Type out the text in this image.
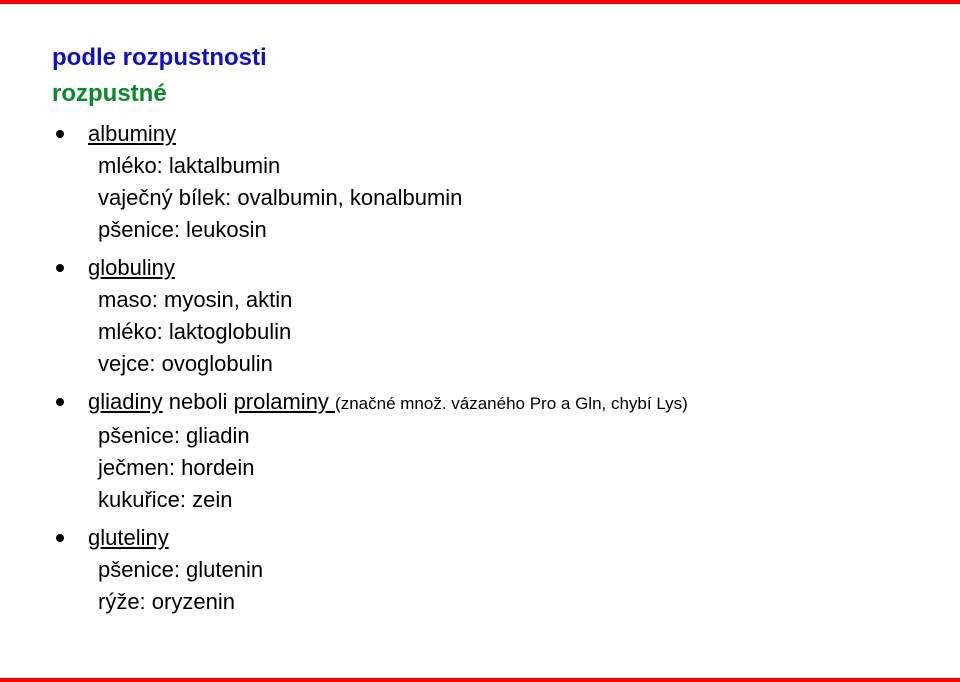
podle rozpustnosti
rozpustné
albuminy
mléko: laktalbumin
vaječný bílek: ovalbumin, konalbumin
pšenice: leukosin
globuliny
maso: myosin, aktin
mléko: laktoglobulin
vejce: ovoglobulin
gliadiny neboli prolaminy (značné množ. vázaného Pro a Gln, chybí Lys)
pšenice: gliadin
ječmen: hordein
kukuřice: zein
gluteliny
pšenice: glutenin
rýže: oryzenin
